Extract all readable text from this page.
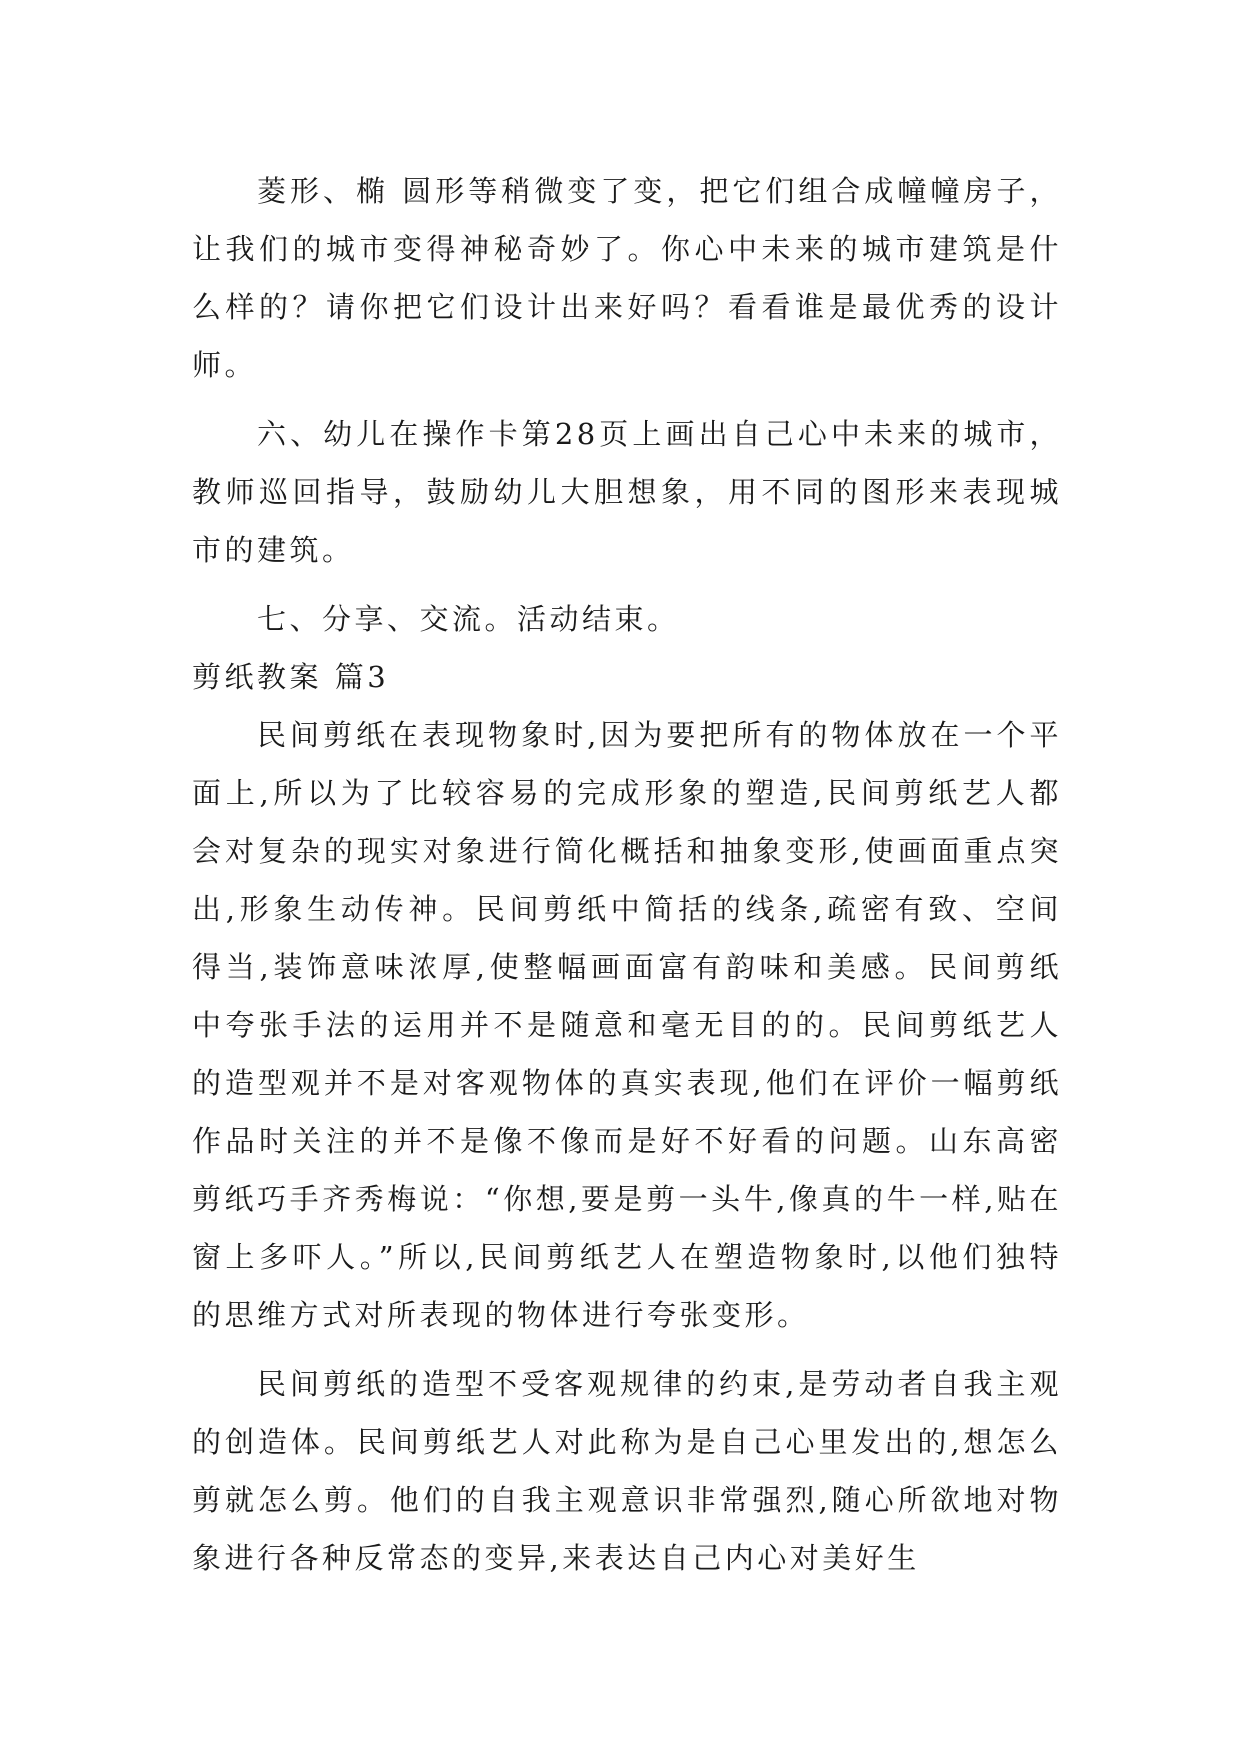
菱形、椭 圆形等稍微变了变，把它们组合成幢幢房子，让我们的城市变得神秘奇妙了。你心中未来的城市建筑是什么样的？请你把它们设计出来好吗？看看谁是最优秀的设计师。

六、幼儿在操作卡第28页上画出自己心中未来的城市，教师巡回指导，鼓励幼儿大胆想象，用不同的图形来表现城市的建筑。

七、分享、交流。活动结束。

剪纸教案 篇3

民间剪纸在表现物象时,因为要把所有的物体放在一个平面上,所以为了比较容易的完成形象的塑造,民间剪纸艺人都会对复杂的现实对象进行简化概括和抽象变形,使画面重点突出,形象生动传神。民间剪纸中简括的线条,疏密有致、空间得当,装饰意味浓厚,使整幅画面富有韵味和美感。民间剪纸中夸张手法的运用并不是随意和毫无目的的。民间剪纸艺人的造型观并不是对客观物体的真实表现,他们在评价一幅剪纸作品时关注的并不是像不像而是好不好看的问题。山东高密剪纸巧手齐秀梅说：“你想,要是剪一头牛,像真的牛一样,贴在窗上多吓人。”所以,民间剪纸艺人在塑造物象时,以他们独特的思维方式对所表现的物体进行夸张变形。

民间剪纸的造型不受客观规律的约束,是劳动者自我主观的创造体。民间剪纸艺人对此称为是自己心里发出的,想怎么剪就怎么剪。他们的自我主观意识非常强烈,随心所欲地对物象进行各种反常态的变异,来表达自己内心对美好生
